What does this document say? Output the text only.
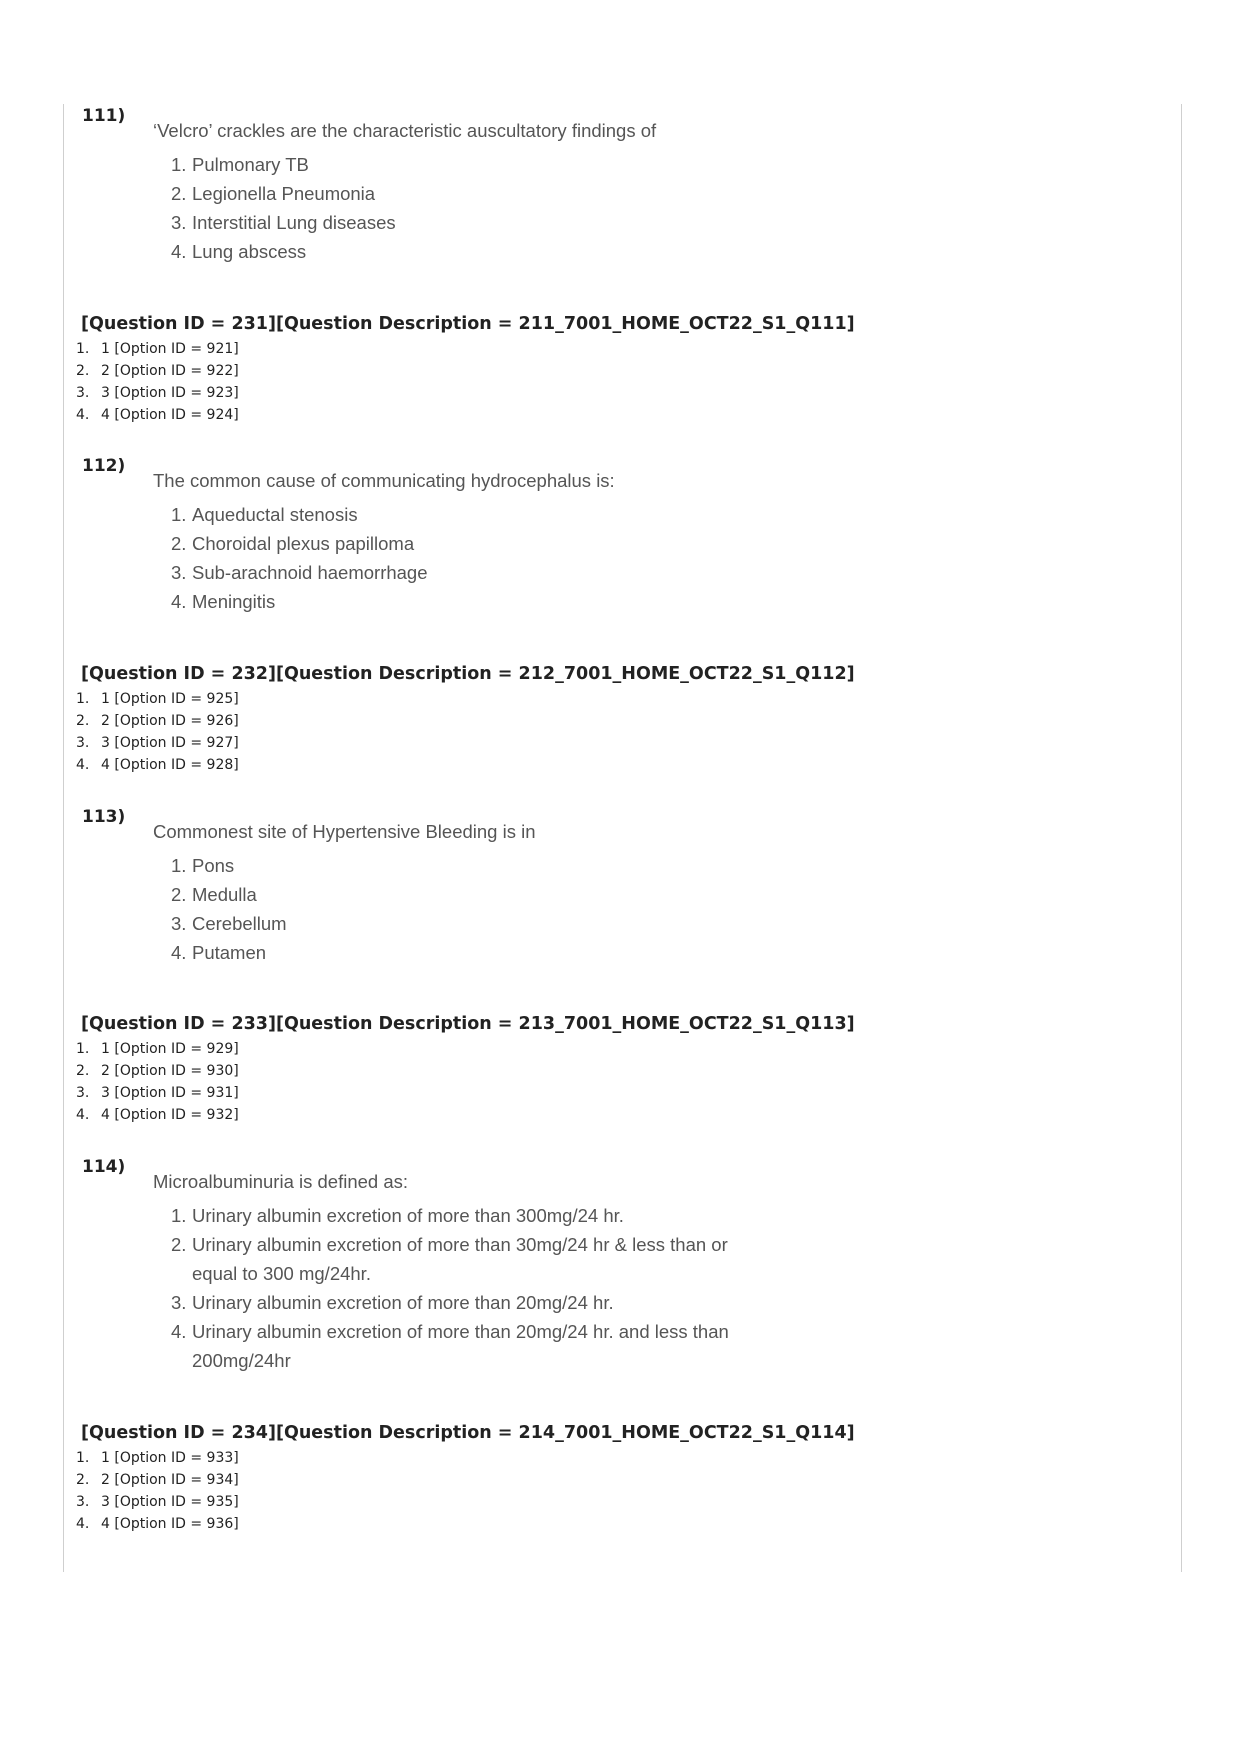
111)
‘Velcro’ crackles are the characteristic auscultatory findings of
1. Pulmonary TB
2. Legionella Pneumonia
3. Interstitial Lung diseases
4. Lung abscess
[Question ID = 231][Question Description = 211_7001_HOME_OCT22_S1_Q111]
1. 1 [Option ID = 921]
2. 2 [Option ID = 922]
3. 3 [Option ID = 923]
4. 4 [Option ID = 924]
112)
The common cause of communicating hydrocephalus is:
1. Aqueductal stenosis
2. Choroidal plexus papilloma
3. Sub-arachnoid haemorrhage
4. Meningitis
[Question ID = 232][Question Description = 212_7001_HOME_OCT22_S1_Q112]
1. 1 [Option ID = 925]
2. 2 [Option ID = 926]
3. 3 [Option ID = 927]
4. 4 [Option ID = 928]
113)
Commonest site of Hypertensive Bleeding is in
1. Pons
2. Medulla
3. Cerebellum
4. Putamen
[Question ID = 233][Question Description = 213_7001_HOME_OCT22_S1_Q113]
1. 1 [Option ID = 929]
2. 2 [Option ID = 930]
3. 3 [Option ID = 931]
4. 4 [Option ID = 932]
114)
Microalbuminuria is defined as:
1. Urinary albumin excretion of more than 300mg/24 hr.
2. Urinary albumin excretion of more than 30mg/24 hr & less than or equal to 300 mg/24hr.
3. Urinary albumin excretion of more than 20mg/24 hr.
4. Urinary albumin excretion of more than 20mg/24 hr. and less than 200mg/24hr
[Question ID = 234][Question Description = 214_7001_HOME_OCT22_S1_Q114]
1. 1 [Option ID = 933]
2. 2 [Option ID = 934]
3. 3 [Option ID = 935]
4. 4 [Option ID = 936]
